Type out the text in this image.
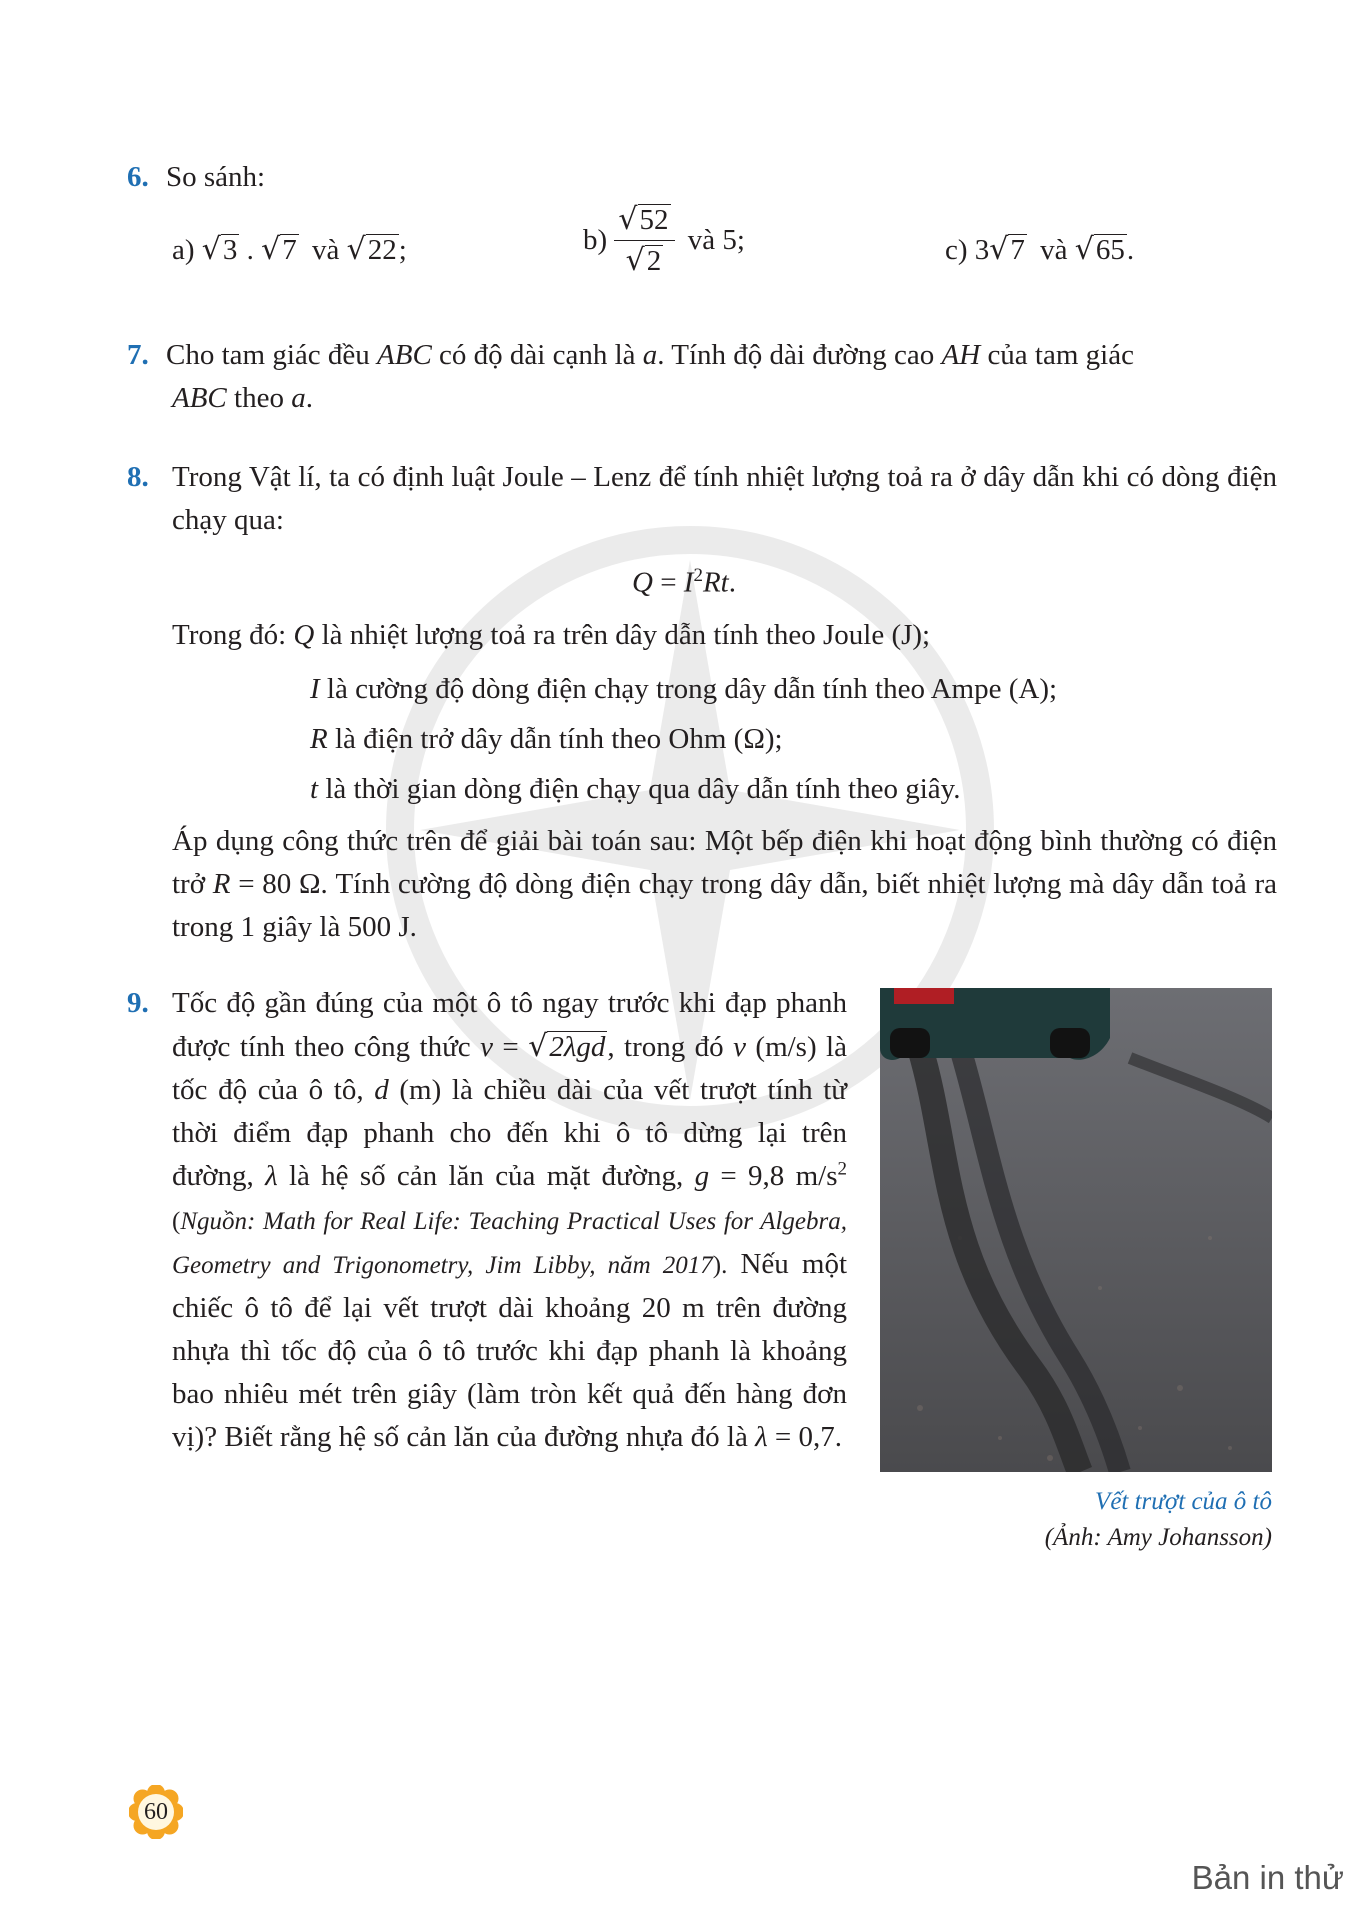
6. So sánh:
a) √3 . √7 và √22;	$b) \frac{√52}{√2}$ và 5;	c) 3√7 và √65.
7. Cho tam giác đều ABC có độ dài cạnh là a. Tính độ dài đường cao AH của tam giác
ABC theo a.
8. Trong Vật lí, ta có định luật Joule – Lenz để tính nhiệt lượng toả ra ở dây dẫn khi có dòng điện chạy qua:
$Q = I^2Rt$.
Trong đó: Q là nhiệt lượng toả ra trên dây dẫn tính theo Joule (J);
I là cường độ dòng điện chạy trong dây dẫn tính theo Ampe (A);
R là điện trở dây dẫn tính theo Ohm (Ω);
t là thời gian dòng điện chạy qua dây dẫn tính theo giây.
Áp dụng công thức trên để giải bài toán sau: Một bếp điện khi hoạt động bình thường có điện trở R = 80 Ω. Tính cường độ dòng điện chạy trong dây dẫn, biết nhiệt lượng mà dây dẫn toả ra trong 1 giây là 500 J.
9. Tốc độ gần đúng của một ô tô ngay trước khi đạp phanh được tính theo công thức v = √2λgd, trong đó v (m/s) là tốc độ của ô tô, d (m) là chiều dài của vết trượt tính từ thời điểm đạp phanh cho đến khi ô tô dừng lại trên đường, λ là hệ số cản lăn của mặt đường, g = 9,8 $m/s^2$ (Nguồn: Math for Real Life: Teaching Practical Uses for Algebra, Geometry and Trigonometry, Jim Libby, năm 2017). Nếu một chiếc ô tô để lại vết trượt dài khoảng 20 m trên đường nhựa thì tốc độ của ô tô trước khi đạp phanh là khoảng bao nhiêu mét trên giây (làm tròn kết quả đến hàng đơn vị)? Biết rằng hệ số cản lăn của đường nhựa đó là λ = 0,7.
Vết trượt của ô tô
(Ảnh: Amy Johansson)
60
Bản in thử
